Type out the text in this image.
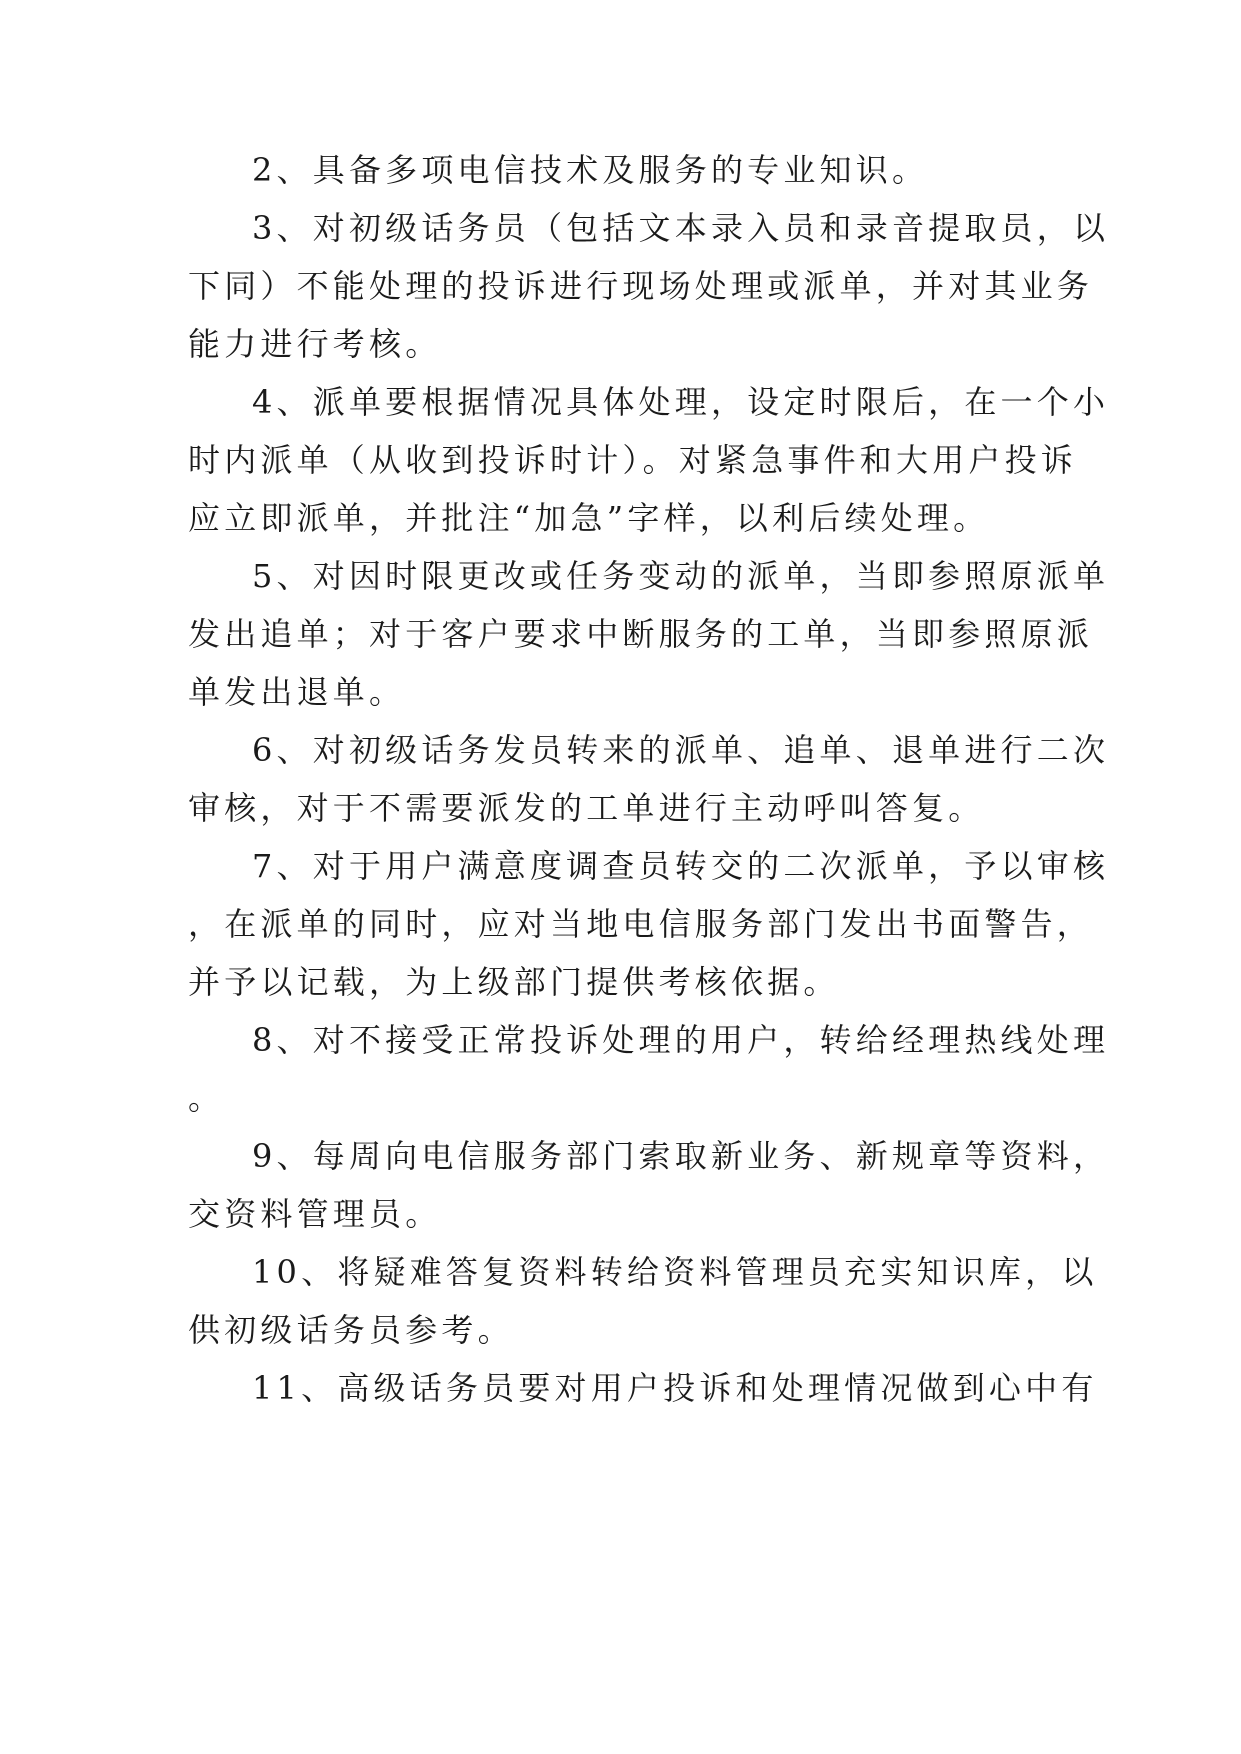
2、具备多项电信技术及服务的专业知识。
3、对初级话务员（包括文本录入员和录音提取员，以
下同）不能处理的投诉进行现场处理或派单，并对其业务
能力进行考核。
4、派单要根据情况具体处理，设定时限后，在一个小
时内派单（从收到投诉时计）。对紧急事件和大用户投诉
应立即派单，并批注“加急”字样，以利后续处理。
5、对因时限更改或任务变动的派单，当即参照原派单
发出追单；对于客户要求中断服务的工单，当即参照原派
单发出退单。
6、对初级话务发员转来的派单、追单、退单进行二次
审核，对于不需要派发的工单进行主动呼叫答复。
7、对于用户满意度调查员转交的二次派单，予以审核
，在派单的同时，应对当地电信服务部门发出书面警告，
并予以记载，为上级部门提供考核依据。
8、对不接受正常投诉处理的用户，转给经理热线处理
。
9、每周向电信服务部门索取新业务、新规章等资料，
交资料管理员。
10、将疑难答复资料转给资料管理员充实知识库，以
供初级话务员参考。
11、高级话务员要对用户投诉和处理情况做到心中有
